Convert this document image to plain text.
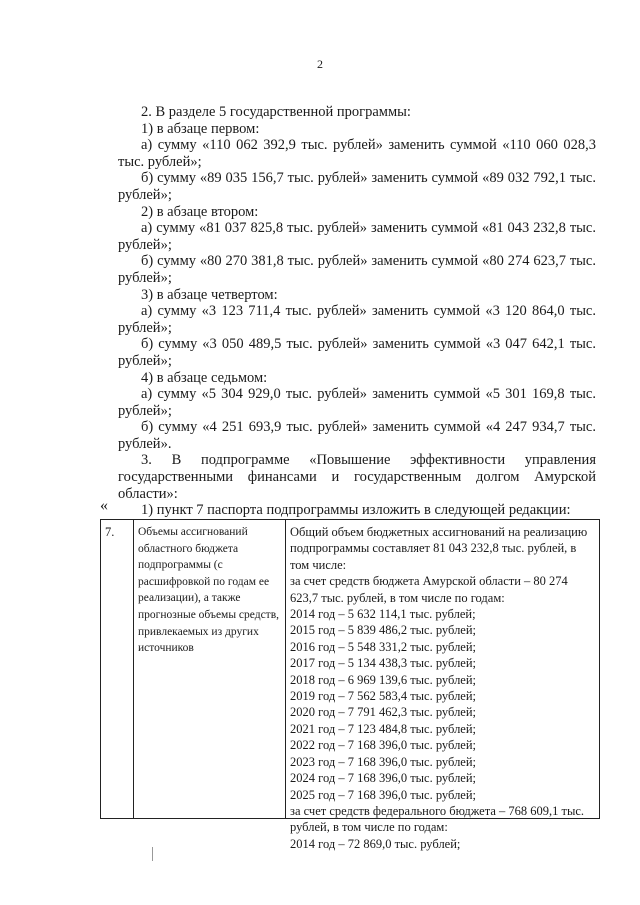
2

2. В разделе 5 государственной программы:

1) в абзаце первом:

а) сумму «110 062 392,9 тыс. рублей» заменить суммой «110 060 028,3 тыс. рублей»;

б) сумму «89 035 156,7 тыс. рублей» заменить суммой «89 032 792,1 тыс. рублей»;

2) в абзаце втором:

а) сумму «81 037 825,8 тыс. рублей» заменить суммой «81 043 232,8 тыс. рублей»;

б) сумму «80 270 381,8 тыс. рублей» заменить суммой «80 274 623,7 тыс. рублей»;

3) в абзаце четвертом:

а) сумму «3 123 711,4 тыс. рублей» заменить суммой «3 120 864,0 тыс. рублей»;

б) сумму «3 050 489,5 тыс. рублей» заменить суммой «3 047 642,1 тыс. рублей»;

4) в абзаце седьмом:

а) сумму «5 304 929,0 тыс. рублей» заменить суммой «5 301 169,8 тыс. рублей»;

б) сумму «4 251 693,9 тыс. рублей» заменить суммой «4 247 934,7 тыс. рублей».

3. В подпрограмме «Повышение эффективности управления государственными финансами и государственным долгом Амурской области»:

1) пункт 7 паспорта подпрограммы изложить в следующей редакции:

«
7.	Объемы ассигнований областного бюджета подпрограммы (с расшифровкой по годам ее реализации), а также прогнозные объемы средств, привлекаемых из других источников
Общий объем бюджетных ассигнований на реализацию подпрограммы составляет 81 043 232,8 тыс. рублей, в том числе:
за счет средств бюджета Амурской области – 80 274
623,7 тыс. рублей, в том числе по годам:
2014 год – 5 632 114,1 тыс. рублей;
2015 год – 5 839 486,2 тыс. рублей;
2016 год – 5 548 331,2 тыс. рублей;
2017 год – 5 134 438,3 тыс. рублей;
2018 год – 6 969 139,6 тыс. рублей;
2019 год – 7 562 583,4 тыс. рублей;
2020 год – 7 791 462,3 тыс. рублей;
2021 год – 7 123 484,8 тыс. рублей;
2022 год – 7 168 396,0 тыс. рублей;
2023 год – 7 168 396,0 тыс. рублей;
2024 год – 7 168 396,0 тыс. рублей;
2025 год – 7 168 396,0 тыс. рублей;
за счет средств федерального бюджета – 768 609,1 тыс.
рублей, в том числе по годам:
2014 год – 72 869,0 тыс. рублей;
